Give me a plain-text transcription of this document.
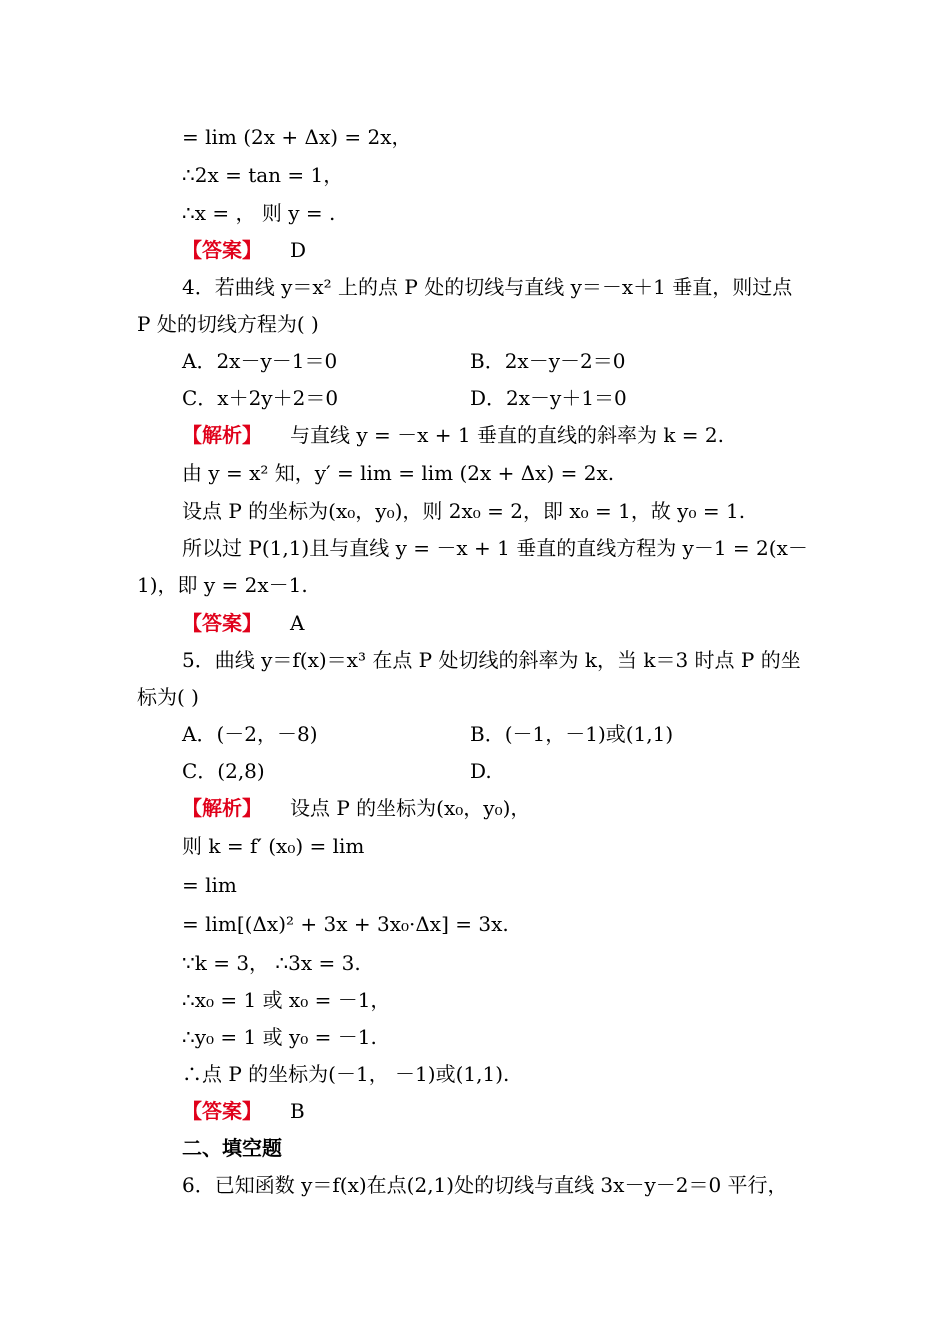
= lim (2x + Δx) = 2x，
∴2x = tan = 1，
∴x = ， 则 y = .
【答案】 D
4．若曲线 y＝x² 上的点 P 处的切线与直线 y＝－x＋1 垂直，则过点
P 处的切线方程为( )
A．2x－y－1＝0	B．2x－y－2＝0
C．x＋2y＋2＝0	D．2x－y＋1＝0
【解析】 与直线 y = －x + 1 垂直的直线的斜率为 k = 2.
由 y = x² 知，y′ = lim = lim (2x + Δx) = 2x.
设点 P 的坐标为(x₀，y₀)，则 2x₀ = 2，即 x₀ = 1，故 y₀ = 1.
所以过 P(1,1)且与直线 y = －x + 1 垂直的直线方程为 y－1 = 2(x－
1)，即 y = 2x－1.
【答案】 A
5．曲线 y＝f(x)＝x³ 在点 P 处切线的斜率为 k，当 k＝3 时点 P 的坐
标为( )
A．(－2，－8)	B．(－1，－1)或(1,1)
C．(2,8)	D.
【解析】 设点 P 的坐标为(x₀，y₀)，
则 k = f′ (x₀) = lim
= lim
= lim[(Δx)² + 3x + 3x₀·Δx] = 3x.
∵k = 3， ∴3x = 3.
∴x₀ = 1 或 x₀ = －1，
∴y₀ = 1 或 y₀ = －1.
∴点 P 的坐标为(－1， －1)或(1,1).
【答案】 B
二、填空题
6．已知函数 y＝f(x)在点(2,1)处的切线与直线 3x－y－2＝0 平行，
